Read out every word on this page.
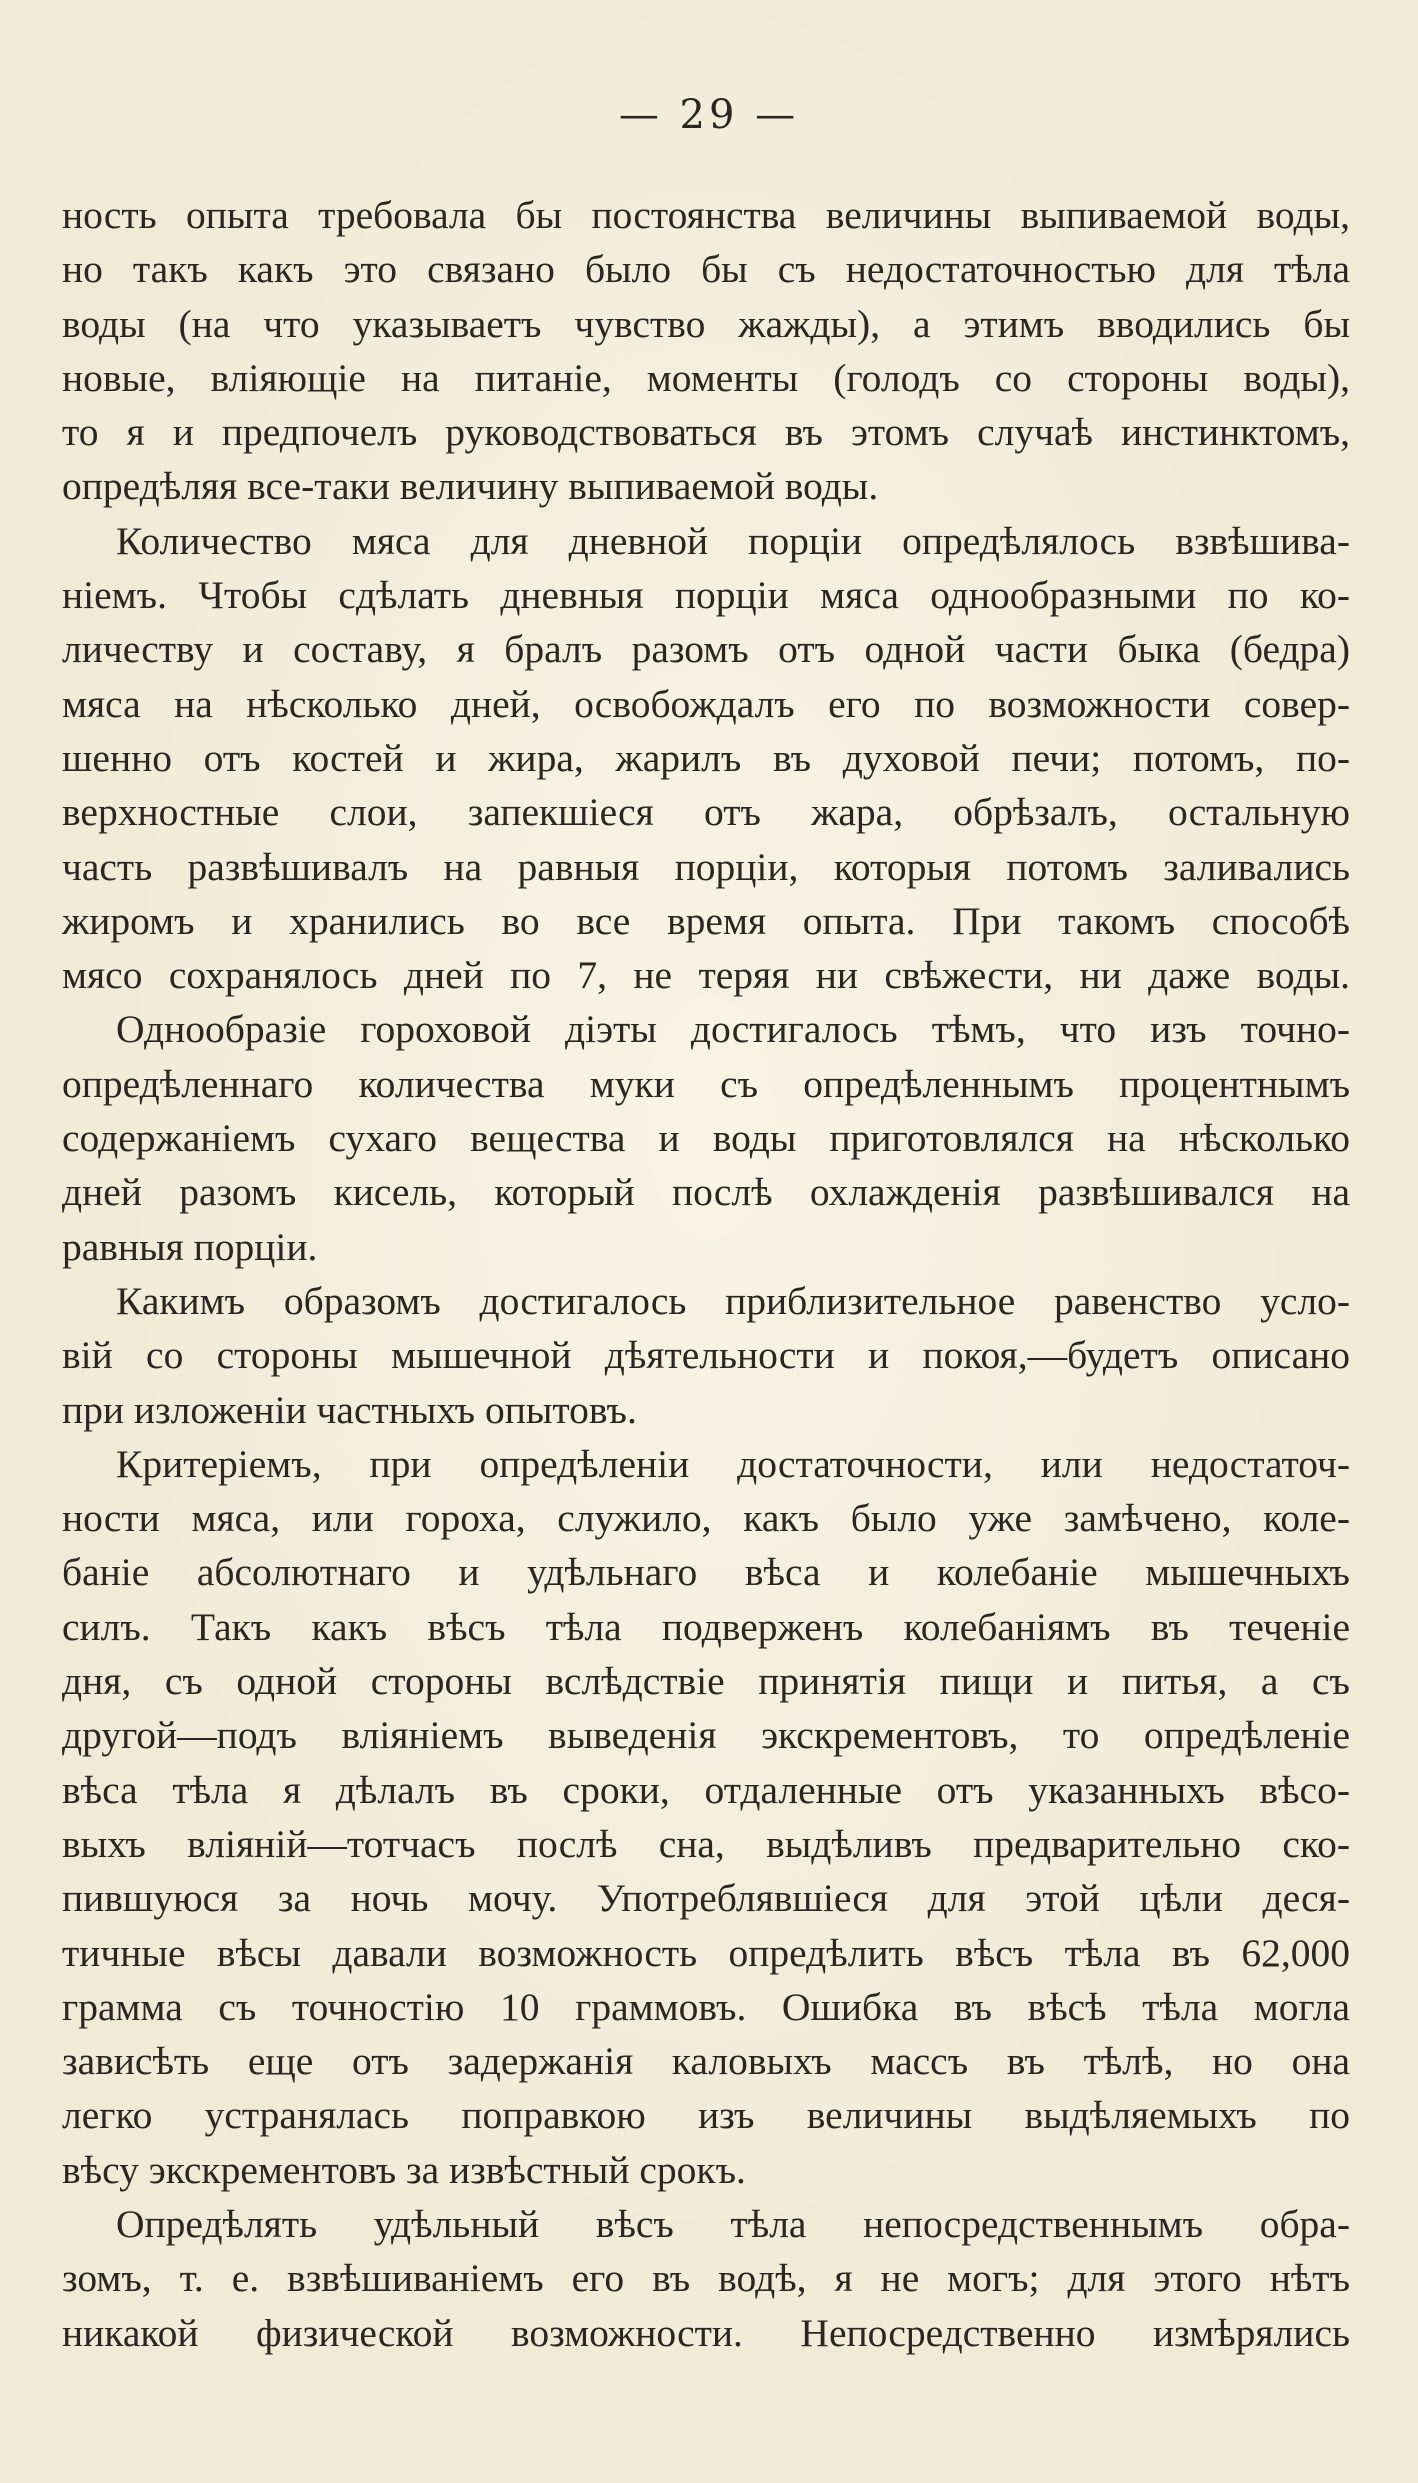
— 29 —
ность опыта требовала бы постоянства величины выпиваемой воды,
но такъ какъ это связано было бы съ недостаточностью для тѣла
воды (на что указываетъ чувство жажды), а этимъ вводились бы
новые, вліяющіе на питаніе, моменты (голодъ со стороны воды),
то я и предпочелъ руководствоваться въ этомъ случаѣ инстинктомъ,
опредѣляя все-таки величину выпиваемой воды.
Количество мяса для дневной порціи опредѣлялось взвѣшива-
ніемъ. Чтобы сдѣлать дневныя порціи мяса однообразными по ко-
личеству и составу, я бралъ разомъ отъ одной части быка (бедра)
мяса на нѣсколько дней, освобождалъ его по возможности совер-
шенно отъ костей и жира, жарилъ въ духовой печи; потомъ, по-
верхностные слои, запекшіеся отъ жара, обрѣзалъ, остальную
часть развѣшивалъ на равныя порціи, которыя потомъ заливались
жиромъ и хранились во все время опыта. При такомъ способѣ
мясо сохранялось дней по 7, не теряя ни свѣжести, ни даже воды.
Однообразіе гороховой діэты достигалось тѣмъ, что изъ точно-
опредѣленнаго количества муки съ опредѣленнымъ процентнымъ
содержаніемъ сухаго вещества и воды приготовлялся на нѣсколько
дней разомъ кисель, который послѣ охлажденія развѣшивался на
равныя порціи.
Какимъ образомъ достигалось приблизительное равенство усло-
вій со стороны мышечной дѣятельности и покоя,—будетъ описано
при изложеніи частныхъ опытовъ.
Критеріемъ, при опредѣленіи достаточности, или недостаточ-
ности мяса, или гороха, служило, какъ было уже замѣчено, коле-
баніе абсолютнаго и удѣльнаго вѣса и колебаніе мышечныхъ
силъ. Такъ какъ вѣсъ тѣла подверженъ колебаніямъ въ теченіе
дня, съ одной стороны вслѣдствіе принятія пищи и питья, а съ
другой—подъ вліяніемъ выведенія экскрементовъ, то опредѣленіе
вѣса тѣла я дѣлалъ въ сроки, отдаленные отъ указанныхъ вѣсо-
выхъ вліяній—тотчасъ послѣ сна, выдѣливъ предварительно ско-
пившуюся за ночь мочу. Употреблявшіеся для этой цѣли деся-
тичные вѣсы давали возможность опредѣлить вѣсъ тѣла въ 62,000
грамма съ точностію 10 граммовъ. Ошибка въ вѣсѣ тѣла могла
зависѣть еще отъ задержанія каловыхъ массъ въ тѣлѣ, но она
легко устранялась поправкою изъ величины выдѣляемыхъ по
вѣсу экскрементовъ за извѣстный срокъ.
Опредѣлять удѣльный вѣсъ тѣла непосредственнымъ обра-
зомъ, т. е. взвѣшиваніемъ его въ водѣ, я не могъ; для этого нѣтъ
никакой физической возможности. Непосредственно измѣрялись
